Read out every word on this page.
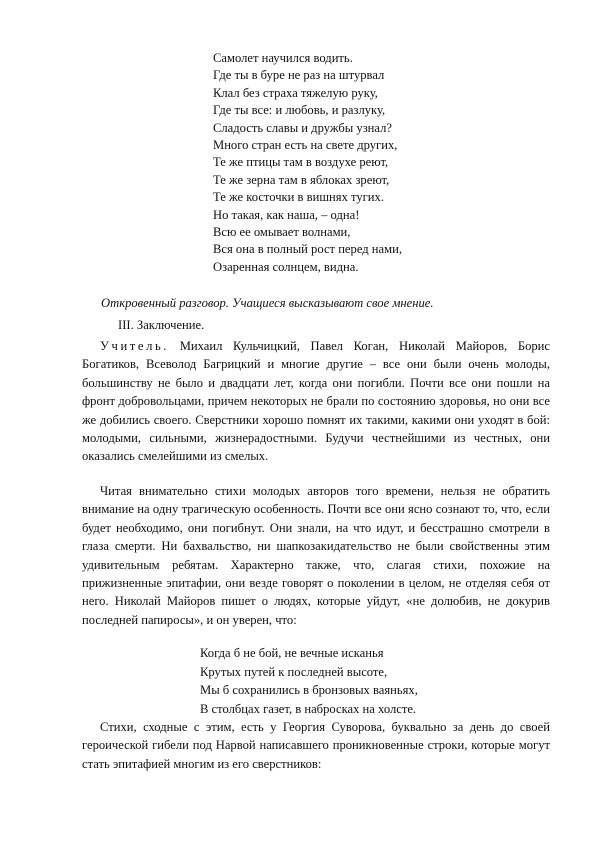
Самолет научился водить.
Где ты в буре не раз на штурвал
Клал без страха тяжелую руку,
Где ты все: и любовь, и разлуку,
Сладость славы и дружбы узнал?
Много стран есть на свете других,
Те же птицы там в воздухе реют,
Те же зерна там в яблоках зреют,
Те же косточки в вишнях тугих.
Но такая, как наша, – одна!
Всю ее омывает волнами,
Вся она в полный рост перед нами,
Озаренная солнцем, видна.
Откровенный разговор. Учащиеся высказывают свое мнение.
III. Заключение.
Учитель. Михаил Кульчицкий, Павел Коган, Николай Майоров, Борис Богатиков, Всеволод Багрицкий и многие другие – все они были очень молоды, большинству не было и двадцати лет, когда они погибли. Почти все они пошли на фронт добровольцами, причем некоторых не брали по состоянию здоровья, но они все же добились своего. Сверстники хорошо помнят их такими, какими они уходят в бой: молодыми, сильными, жизнерадостными. Будучи честнейшими из честных, они оказались смелейшими из смелых.
Читая внимательно стихи молодых авторов того времени, нельзя не обратить внимание на одну трагическую особенность. Почти все они ясно сознают то, что, если будет необходимо, они погибнут. Они знали, на что идут, и бесстрашно смотрели в глаза смерти. Ни бахвальство, ни шапкозакидательство не были свойственны этим удивительным ребятам. Характерно также, что, слагая стихи, похожие на прижизненные эпитафии, они везде говорят о поколении в целом, не отделяя себя от него. Николай Майоров пишет о людях, которые уйдут, «не долюбив, не докурив последней папиросы», и он уверен, что:
Когда б не бой, не вечные исканья
Крутых путей к последней высоте,
Мы б сохранились в бронзовых ваяньях,
В столбцах газет, в набросках на холсте.
Стихи, сходные с этим, есть у Георгия Суворова, буквально за день до своей героической гибели под Нарвой написавшего проникновенные строки, которые могут стать эпитафией многим из его сверстников:
